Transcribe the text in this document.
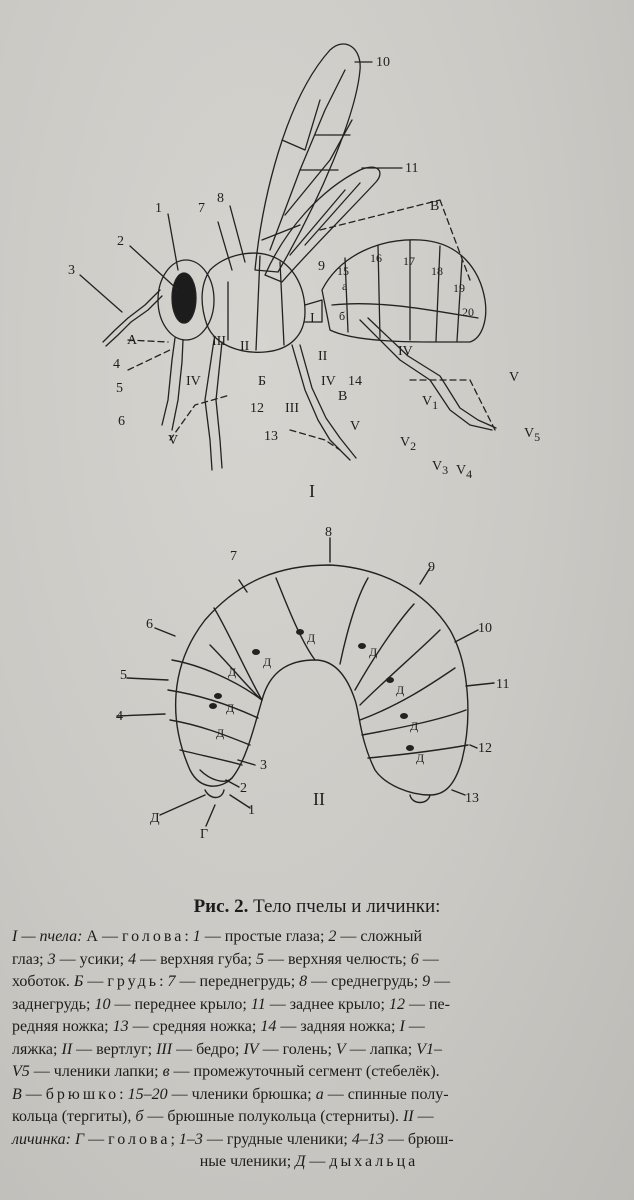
10
11
В
8
7
1
2
3
А
4
5
6
9 15
16 17
18
19
20
а
б
II
III
I
II
IV	IV
IV
Б
В
14
12
13
III
V
V
V
V1
V2
V3 V4
V5
I
8
7
9
6	10
5
11
4
12
13
3
2
1
Д
Г
Д
Д
Д
Д
Д
Д
Д
Д
Д
II
Рис. 2. Тело пчелы и личинки:
I — пчела: А — голова: 1 — простые глаза; 2 — сложный
глаз; 3 — усики; 4 — верхняя губа; 5 — верхняя челюсть; 6 —
хоботок. Б — грудь: 7 — переднегрудь; 8 — среднегрудь; 9 —
заднегрудь; 10 — переднее крыло; 11 — заднее крыло; 12 — пе-
редняя ножка; 13 — средняя ножка; 14 — задняя ножка; I —
ляжка; II — вертлуг; III — бедро; IV — голень; V — лапка; V1–
V5 — членики лапки; в — промежуточный сегмент (стебелёк).
В — брюшко: 15–20 — членики брюшка; а — спинные полу-
кольца (тергиты), б — брюшные полукольца (стерниты). II —
личинка: Г — голова; 1–3 — грудные членики; 4–13 — брюш-
ные членики; Д — дыхальца
